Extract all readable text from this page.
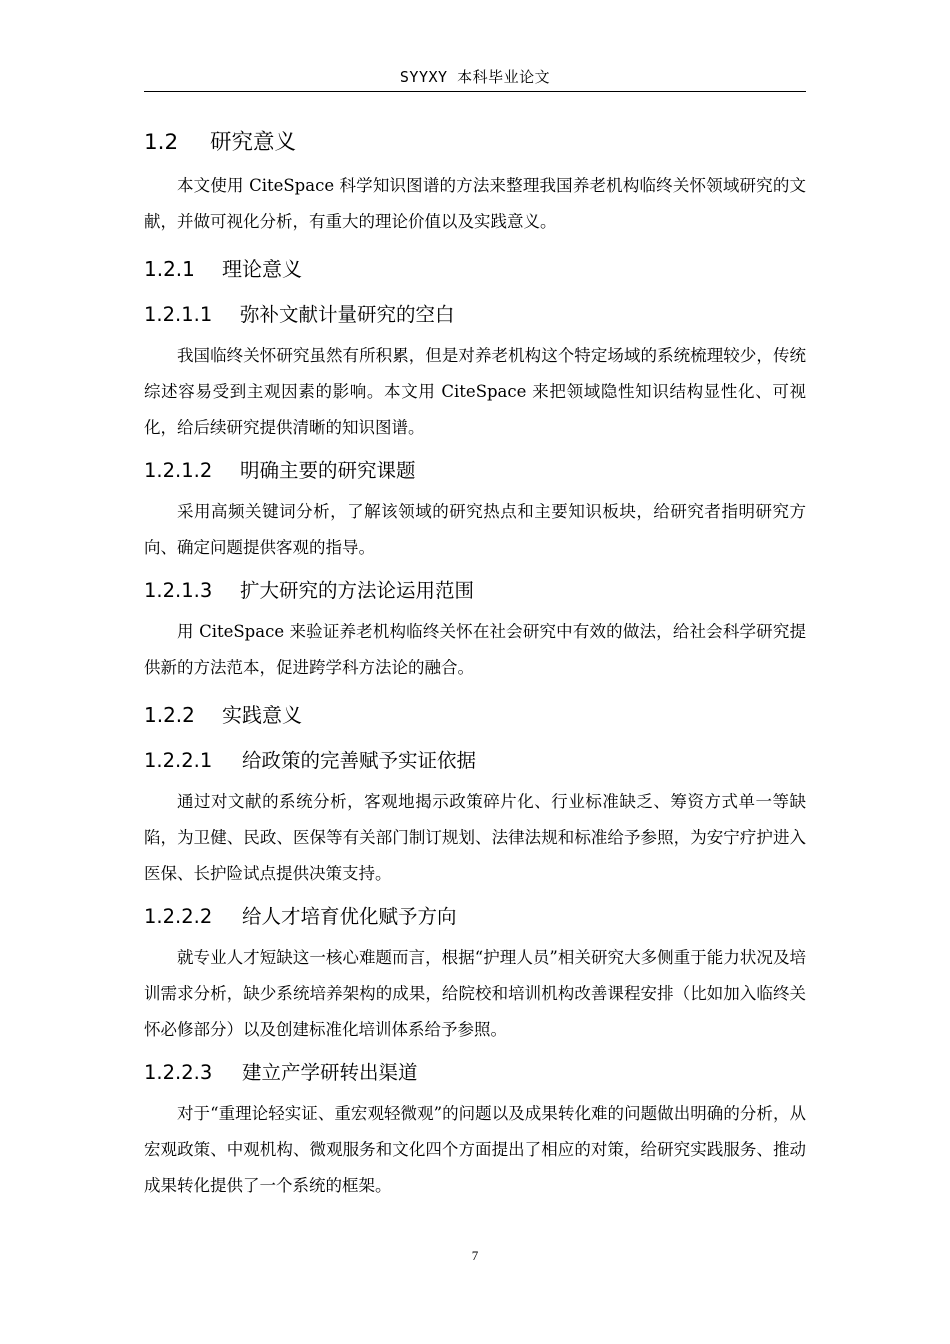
SYYXY 本科毕业论文
1.2 研究意义

本文使用 CiteSpace 科学知识图谱的方法来整理我国养老机构临终关怀领域研究的文献，并做可视化分析，有重大的理论价值以及实践意义。

1.2.1 理论意义
1.2.1.1 弥补文献计量研究的空白

我国临终关怀研究虽然有所积累，但是对养老机构这个特定场域的系统梳理较少，传统综述容易受到主观因素的影响。本文用 CiteSpace 来把领域隐性知识结构显性化、可视化，给后续研究提供清晰的知识图谱。

1.2.1.2 明确主要的研究课题

采用高频关键词分析，了解该领域的研究热点和主要知识板块，给研究者指明研究方向、确定问题提供客观的指导。

1.2.1.3 扩大研究的方法论运用范围

用 CiteSpace 来验证养老机构临终关怀在社会研究中有效的做法，给社会科学研究提供新的方法范本，促进跨学科方法论的融合。

1.2.2 实践意义
1.2.2.1 给政策的完善赋予实证依据

通过对文献的系统分析，客观地揭示政策碎片化、行业标准缺乏、筹资方式单一等缺陷，为卫健、民政、医保等有关部门制订规划、法律法规和标准给予参照，为安宁疗护进入医保、长护险试点提供决策支持。

1.2.2.2 给人才培育优化赋予方向

就专业人才短缺这一核心难题而言，根据“护理人员”相关研究大多侧重于能力状况及培训需求分析，缺少系统培养架构的成果，给院校和培训机构改善课程安排（比如加入临终关怀必修部分）以及创建标准化培训体系给予参照。

1.2.2.3 建立产学研转出渠道

对于“重理论轻实证、重宏观轻微观”的问题以及成果转化难的问题做出明确的分析，从宏观政策、中观机构、微观服务和文化四个方面提出了相应的对策，给研究实践服务、推动成果转化提供了一个系统的框架。

7
